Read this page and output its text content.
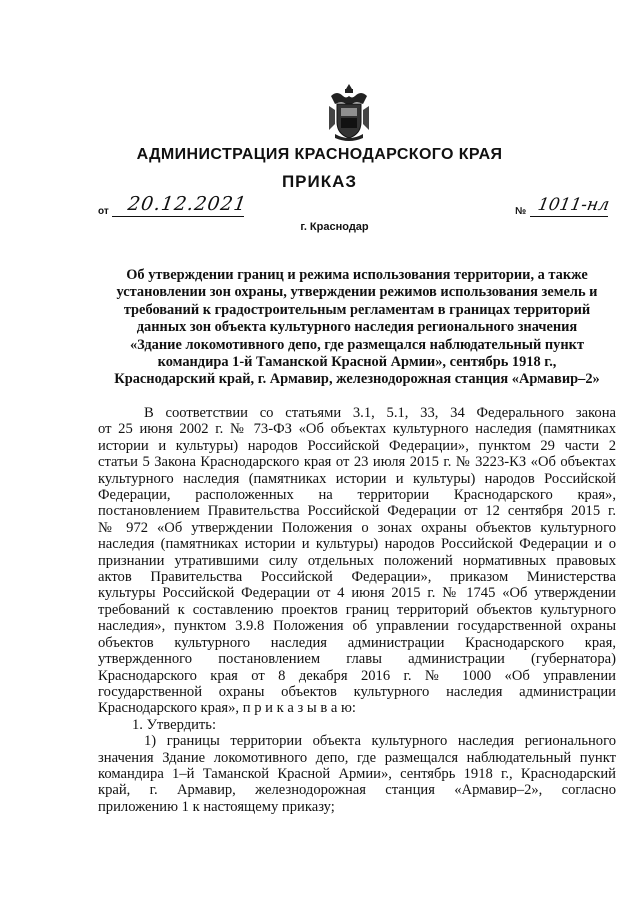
АДМИНИСТРАЦИЯ КРАСНОДАРСКОГО КРАЯ
ПРИКАЗ
от 20.12.2021	№ 1011-нл
г. Краснодар
Об утверждении границ и режима использования территории, а также
установлении зон охраны, утверждении режимов использования земель и
требований к градостроительным регламентам в границах территорий
данных зон объекта культурного наследия регионального значения
«Здание локомотивного депо, где размещался наблюдательный пункт
командира 1-й Таманской Красной Армии», сентябрь 1918 г.,
Краснодарский край, г. Армавир, железнодорожная станция «Армавир–2»
В соответствии со статьями 3.1, 5.1, 33, 34 Федерального закона
от 25 июня 2002 г. № 73-ФЗ «Об объектах культурного наследия (памятниках
истории и культуры) народов Российской Федерации», пунктом 29 части 2
статьи 5 Закона Краснодарского края от 23 июля 2015 г. № 3223-КЗ «Об объектах
культурного наследия (памятниках истории и культуры) народов Российской
Федерации, расположенных на территории Краснодарского края»,
постановлением Правительства Российской Федерации от 12 сентября 2015 г.
№ 972 «Об утверждении Положения о зонах охраны объектов культурного
наследия (памятниках истории и культуры) народов Российской Федерации и о
признании утратившими силу отдельных положений нормативных правовых
актов Правительства Российской Федерации», приказом Министерства
культуры Российской Федерации от 4 июня 2015 г. № 1745 «Об утверждении
требований к составлению проектов границ территорий объектов культурного
наследия», пунктом 3.9.8 Положения об управлении государственной охраны
объектов культурного наследия администрации Краснодарского края,
утвержденного постановлением главы администрации (губернатора)
Краснодарского края от 8 декабря 2016 г. № 1000 «Об управлении
государственной охраны объектов культурного наследия администрации
Краснодарского края», п р и к а з ы в а ю:
1. Утвердить:
1) границы территории объекта культурного наследия регионального
значения Здание локомотивного депо, где размещался наблюдательный пункт
командира 1–й Таманской Красной Армии», сентябрь 1918 г., Краснодарский
край, г. Армавир, железнодорожная станция «Армавир–2», согласно
приложению 1 к настоящему приказу;
